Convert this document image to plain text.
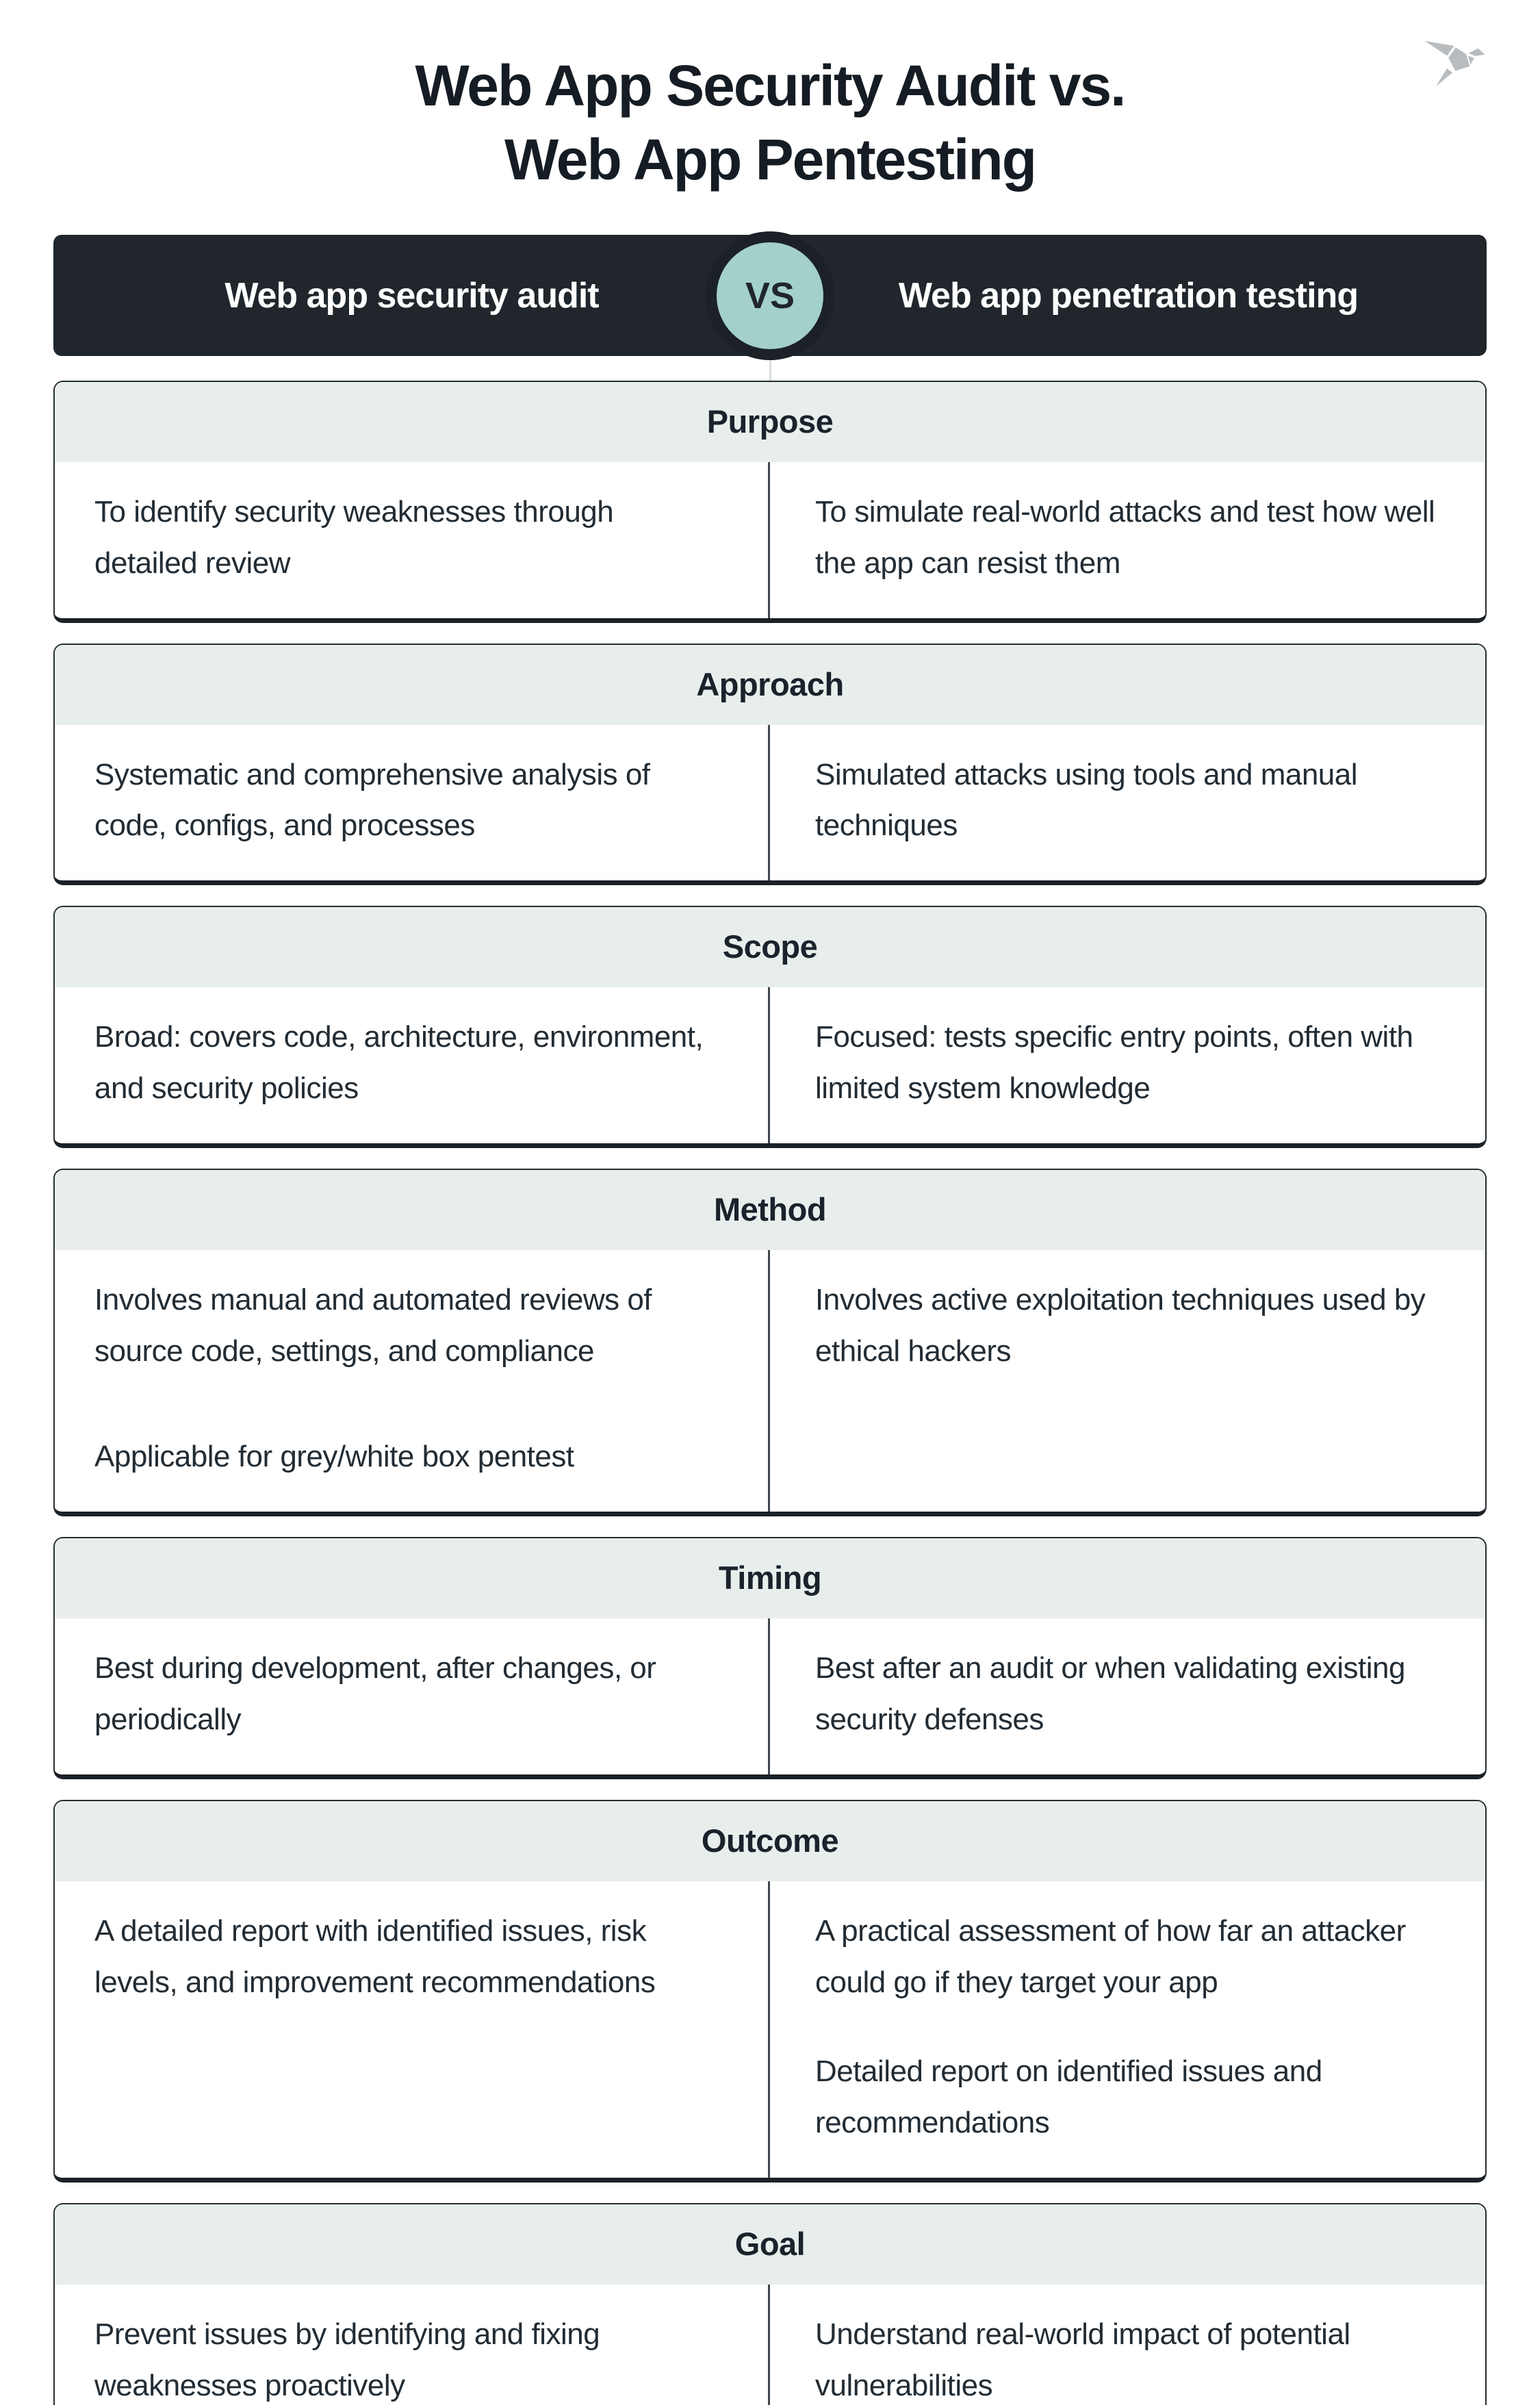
Web App Security Audit vs.
Web App Pentesting
Web app security audit	Web app penetration testing
VS
Purpose

To identify security weaknesses through detailed review

To simulate real-world attacks and test how well the app can resist them

Approach

Systematic and comprehensive analysis of code, configs, and processes

Simulated attacks using tools and manual techniques

Scope

Broad: covers code, architecture, environment, and security policies

Focused: tests specific entry points, often with limited system knowledge

Method

Involves manual and automated reviews of source code, settings, and compliance

Applicable for grey/white box pentest

Involves active exploitation techniques used by ethical hackers

Timing

Best during development, after changes, or periodically

Best after an audit or when validating existing security defenses

Outcome

A detailed report with identified issues, risk levels, and improvement recommendations

A practical assessment of how far an attacker could go if they target your app

Detailed report on identified issues and recommendations

Goal

Prevent issues by identifying and fixing weaknesses proactively

Understand real-world impact of potential vulnerabilities
